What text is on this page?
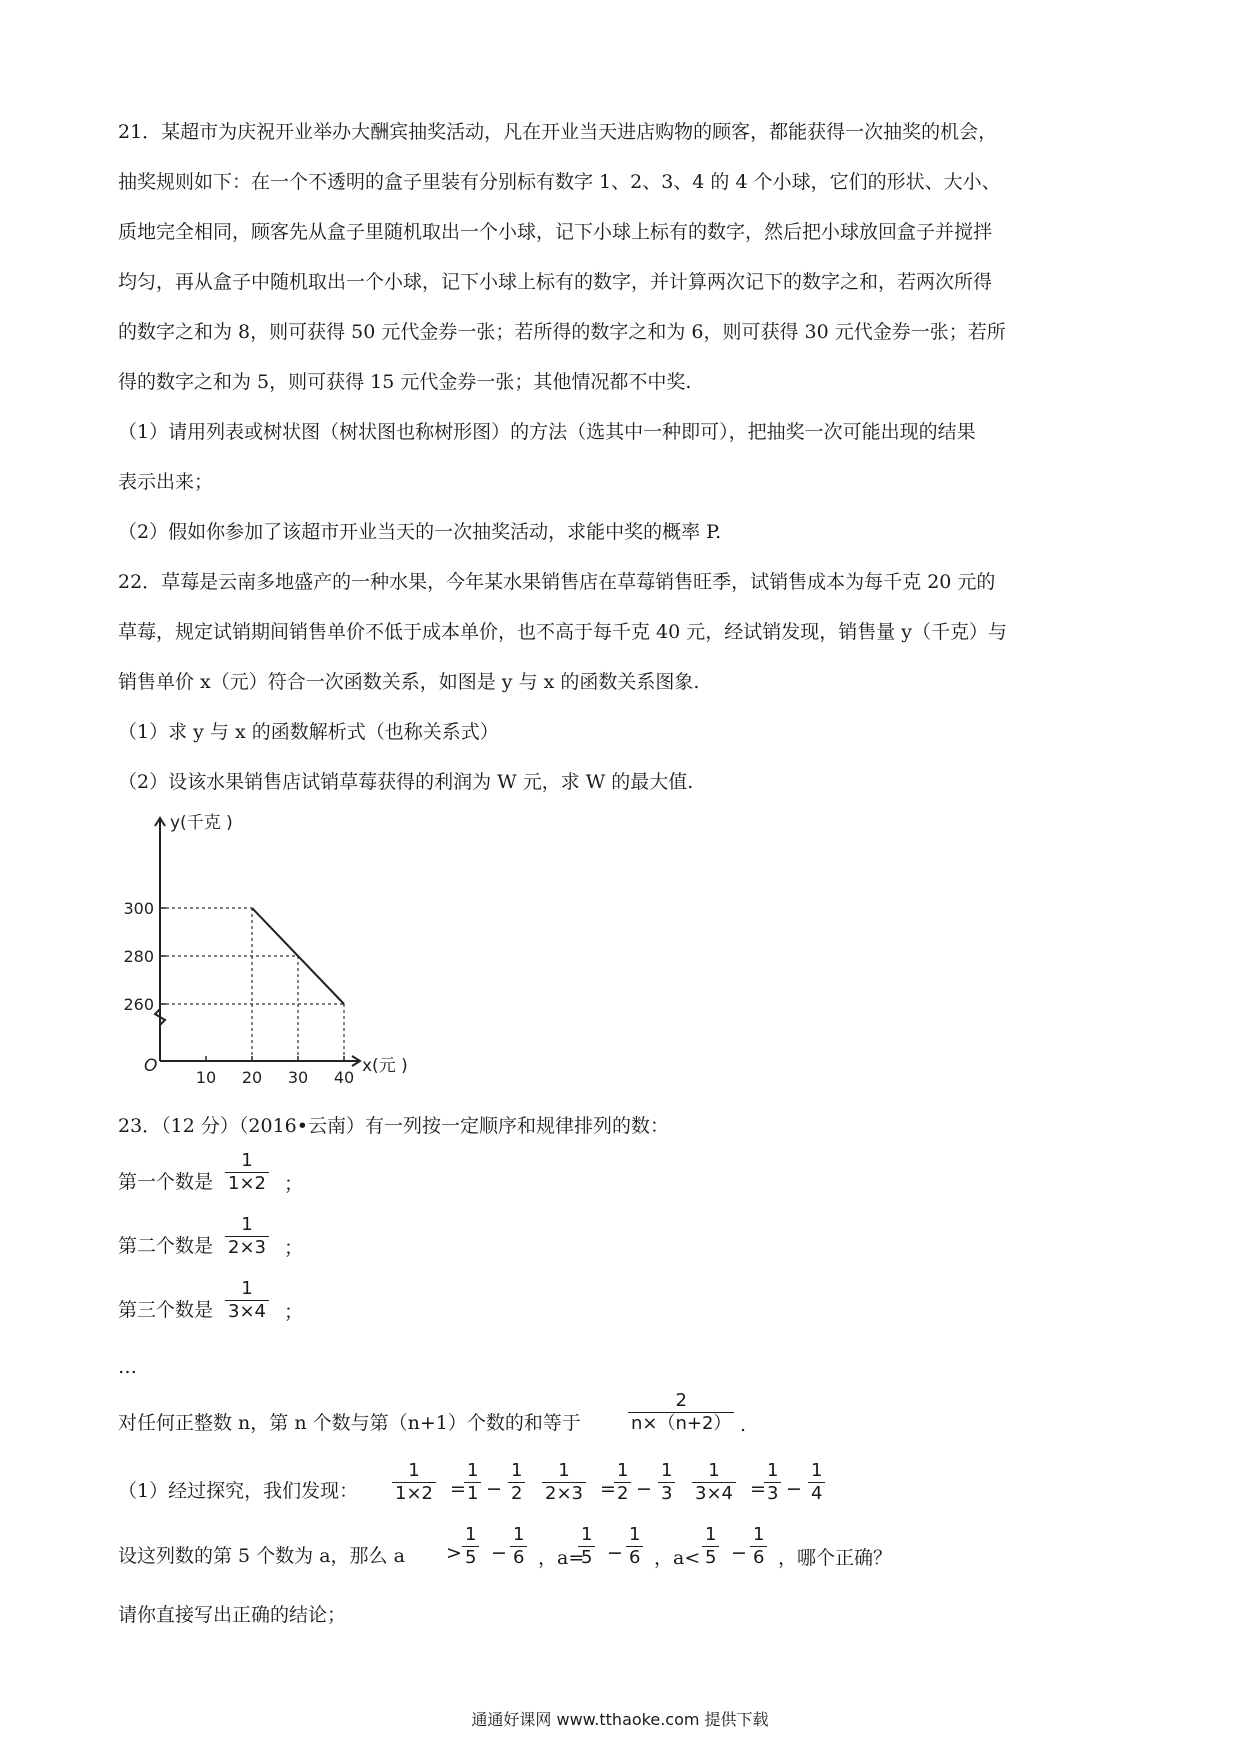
21．某超市为庆祝开业举办大酬宾抽奖活动，凡在开业当天进店购物的顾客，都能获得一次抽奖的机会，
抽奖规则如下：在一个不透明的盒子里装有分别标有数字 1、2、3、4 的 4 个小球，它们的形状、大小、
质地完全相同，顾客先从盒子里随机取出一个小球，记下小球上标有的数字，然后把小球放回盒子并搅拌
均匀，再从盒子中随机取出一个小球，记下小球上标有的数字，并计算两次记下的数字之和，若两次所得
的数字之和为 8，则可获得 50 元代金券一张；若所得的数字之和为 6，则可获得 30 元代金券一张；若所
得的数字之和为 5，则可获得 15 元代金券一张；其他情况都不中奖.
（1）请用列表或树状图（树状图也称树形图）的方法（选其中一种即可），把抽奖一次可能出现的结果
表示出来；
（2）假如你参加了该超市开业当天的一次抽奖活动，求能中奖的概率 P.
22．草莓是云南多地盛产的一种水果，今年某水果销售店在草莓销售旺季，试销售成本为每千克 20 元的
草莓，规定试销期间销售单价不低于成本单价，也不高于每千克 40 元，经试销发现，销售量 y（千克）与
销售单价 x（元）符合一次函数关系，如图是 y 与 x 的函数关系图象.
（1）求 y 与 x 的函数解析式（也称关系式）
（2）设该水果销售店试销草莓获得的利润为 W 元，求 W 的最大值.
y(千克 )
x(元 )
O
10 20 30 40
260
280
300
23．（12 分）（2016•云南）有一列按一定顺序和规律排列的数：
第一个数是 $\frac{1}{1\times 2}$ ；
第二个数是 $\frac{1}{2\times 3}$ ；
第三个数是 $\frac{1}{3\times 4}$ ；
…
对任何正整数 n，第 n 个数与第（n+1）个数的和等于	$\frac{2}{n\times(n+2)}$ .
（1）经过探究，我们发现： $\frac{1}{1\times 2}$ =
$\frac{1}{1} - \frac{1}{2} \frac{1}{2\times 3}$ =
$\frac{1}{2} - \frac{1}{3} \frac{1}{3\times 4}$ =
$\frac{1}{3} - \frac{1}{4}$
设这列数的第 5 个数为 a，那么 $a > \frac{1}{5} - \frac{1}{6}$ ，a=
$\frac{1}{5} - \frac{1}{6}$ ，$a< \frac{1}{5} - \frac{1}{6}$ ，哪个正确？
请你直接写出正确的结论；
通通好课网 www.tthaoke.com 提供下载
